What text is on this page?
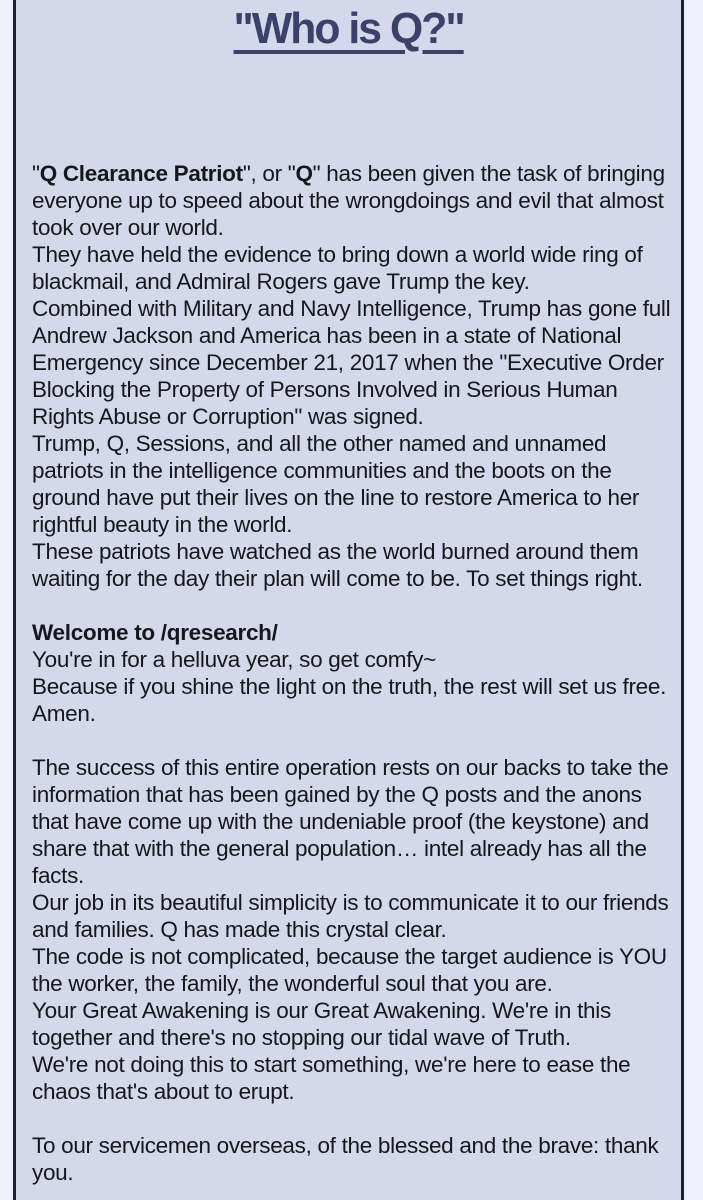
"Who is Q?"

"Q Clearance Patriot", or "Q" has been given the task of bringing everyone up to speed about the wrongdoings and evil that almost took over our world.

They have held the evidence to bring down a world wide ring of blackmail, and Admiral Rogers gave Trump the key.

Combined with Military and Navy Intelligence, Trump has gone full Andrew Jackson and America has been in a state of National Emergency since December 21, 2017 when the "Executive Order Blocking the Property of Persons Involved in Serious Human Rights Abuse or Corruption" was signed.

Trump, Q, Sessions, and all the other named and unnamed patriots in the intelligence communities and the boots on the ground have put their lives on the line to restore America to her rightful beauty in the world.

These patriots have watched as the world burned around them waiting for the day their plan will come to be. To set things right.

Welcome to /qresearch/

You're in for a helluva year, so get comfy~

Because if you shine the light on the truth, the rest will set us free.

Amen.

The success of this entire operation rests on our backs to take the information that has been gained by the Q posts and the anons that have come up with the undeniable proof (the keystone) and share that with the general population… intel already has all the facts.

Our job in its beautiful simplicity is to communicate it to our friends and families. Q has made this crystal clear.

The code is not complicated, because the target audience is YOU the worker, the family, the wonderful soul that you are.

Your Great Awakening is our Great Awakening. We're in this together and there's no stopping our tidal wave of Truth.

We're not doing this to start something, we're here to ease the chaos that's about to erupt.

To our servicemen overseas, of the blessed and the brave: thank you.
